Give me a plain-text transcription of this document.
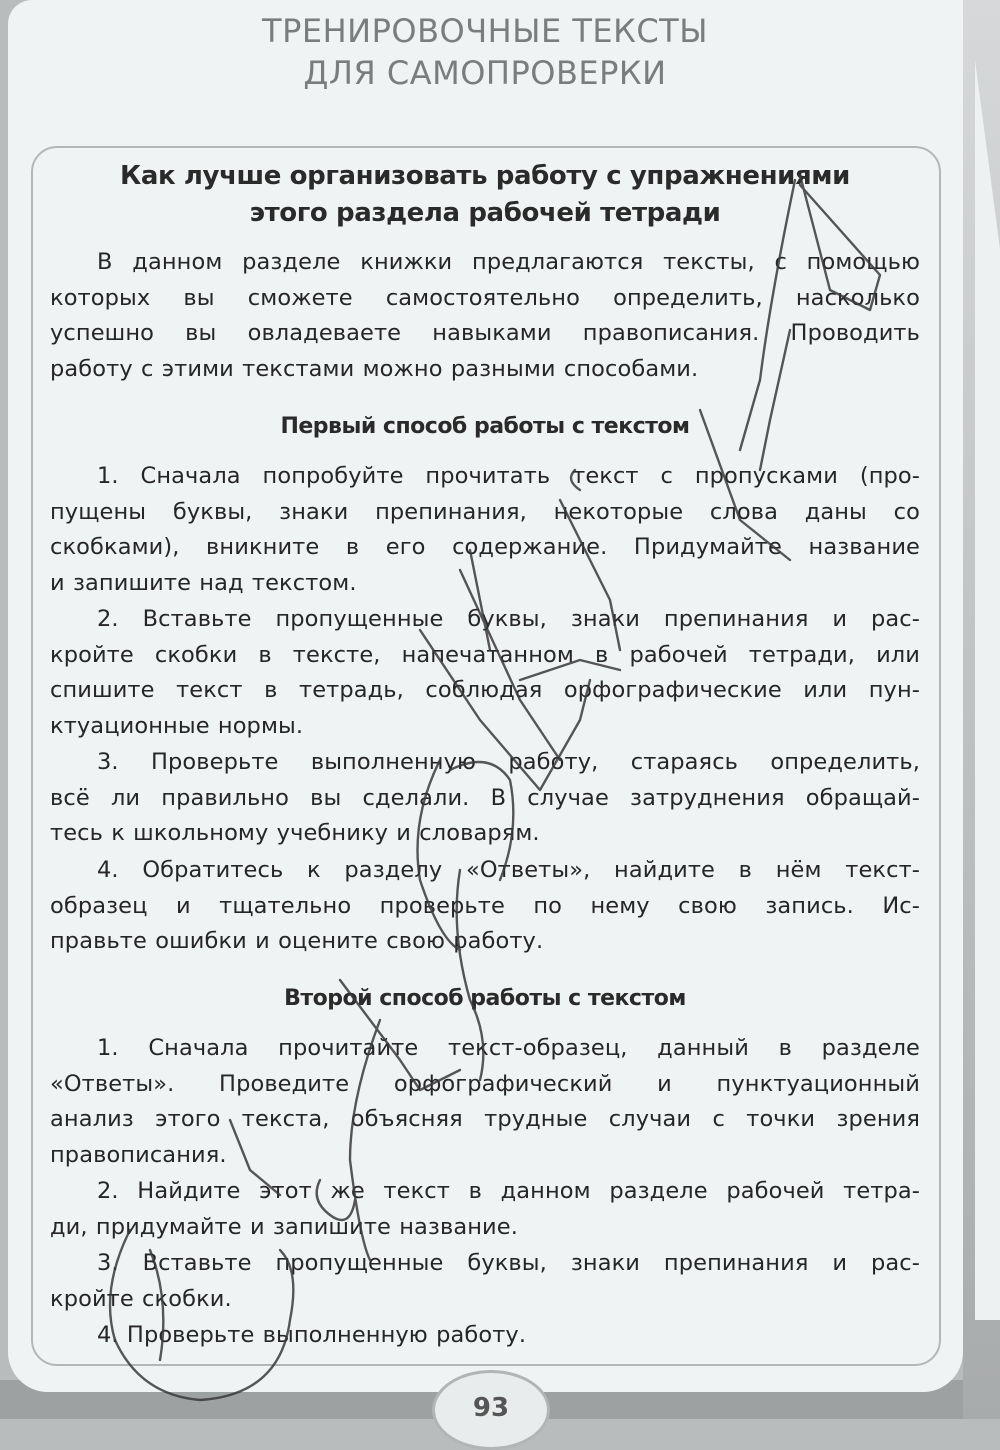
ТРЕНИРОВОЧНЫЕ ТЕКСТЫ
ДЛЯ САМОПРОВЕРКИ
Как лучше организовать работу с упражнениями
этого раздела рабочей тетради
В данном разделе книжки предлагаются тексты, с помощью
которых вы сможете самостоятельно определить, насколько
успешно вы овладеваете навыками правописания. Проводить
работу с этими текстами можно разными способами.
Первый способ работы с текстом
1. Сначала попробуйте прочитать текст с пропусками (про-
пущены буквы, знаки препинания, некоторые слова даны со
скобками), вникните в его содержание. Придумайте название
и запишите над текстом.
2. Вставьте пропущенные буквы, знаки препинания и рас-
кройте скобки в тексте, напечатанном в рабочей тетради, или
спишите текст в тетрадь, соблюдая орфографические или пун-
ктуационные нормы.
3. Проверьте выполненную работу, стараясь определить,
всё ли правильно вы сделали. В случае затруднения обращай-
тесь к школьному учебнику и словарям.
4. Обратитесь к разделу «Ответы», найдите в нём текст-
образец и тщательно проверьте по нему свою запись. Ис-
правьте ошибки и оцените свою работу.
Второй способ работы с текстом
1. Сначала прочитайте текст-образец, данный в разделе
«Ответы». Проведите орфографический и пунктуационный
анализ этого текста, объясняя трудные случаи с точки зрения
правописания.
2. Найдите этот же текст в данном разделе рабочей тетра-
ди, придумайте и запишите название.
3. Вставьте пропущенные буквы, знаки препинания и рас-
кройте скобки.
4. Проверьте выполненную работу.
93
